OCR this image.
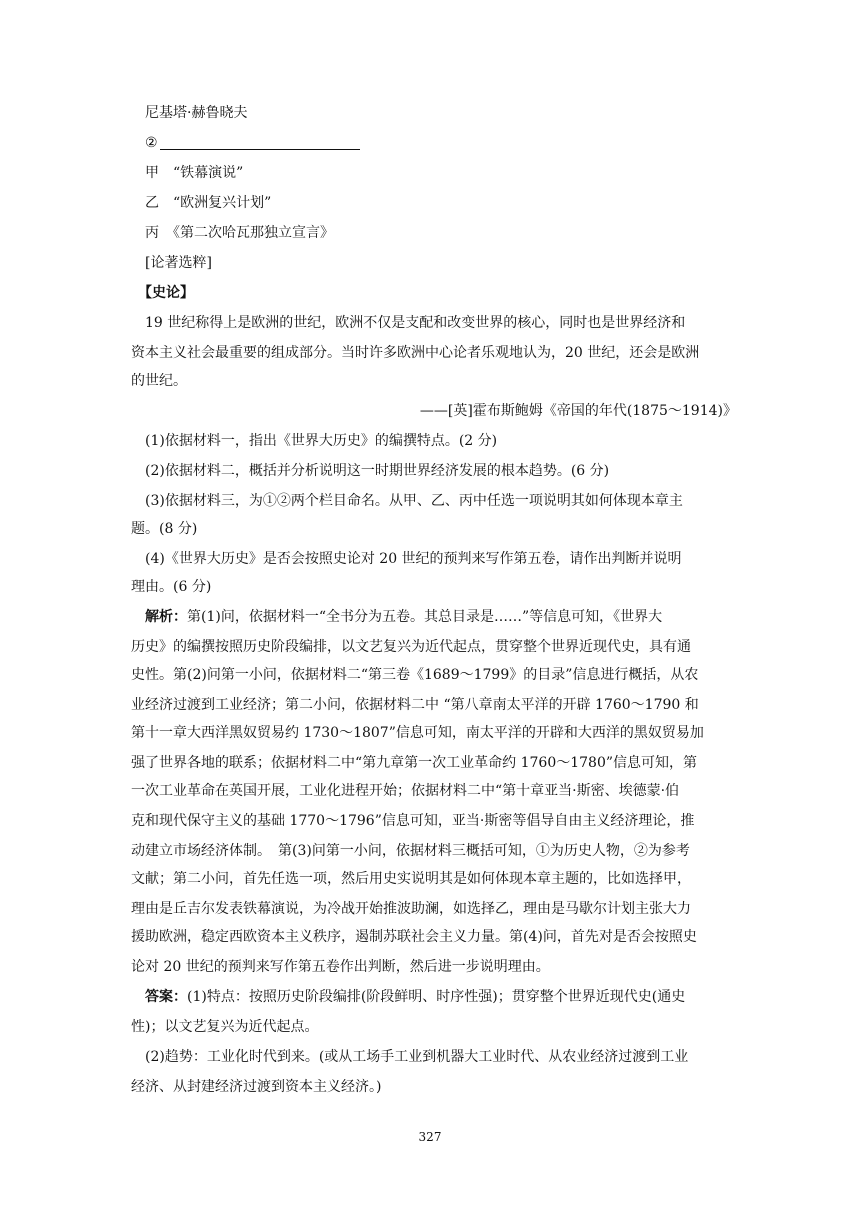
尼基塔·赫鲁晓夫
②
甲　“铁幕演说”
乙　“欧洲复兴计划”
丙　《第二次哈瓦那独立宣言》
[论著选粹]
【史论】
19 世纪称得上是欧洲的世纪，欧洲不仅是支配和改变世界的核心，同时也是世界经济和
资本主义社会最重要的组成部分。当时许多欧洲中心论者乐观地认为，20 世纪，还会是欧洲
的世纪。
——[英]霍布斯鲍姆《帝国的年代(1875～1914)》
(1)依据材料一，指出《世界大历史》的编撰特点。(2 分)
(2)依据材料二，概括并分析说明这一时期世界经济发展的根本趋势。(6 分)
(3)依据材料三，为①②两个栏目命名。从甲、乙、丙中任选一项说明其如何体现本章主
题。(8 分)
(4)《世界大历史》是否会按照史论对 20 世纪的预判来写作第五卷，请作出判断并说明
理由。(6 分)
解析：第(1)问，依据材料一“全书分为五卷。其总目录是……”等信息可知，《世界大
历史》的编撰按照历史阶段编排，以文艺复兴为近代起点，贯穿整个世界近现代史，具有通
史性。第(2)问第一小问，依据材料二“第三卷《1689～1799》的目录”信息进行概括，从农
业经济过渡到工业经济；第二小问，依据材料二中 “第八章南太平洋的开辟 1760～1790 和
第十一章大西洋黑奴贸易约 1730～1807”信息可知，南太平洋的开辟和大西洋的黑奴贸易加
强了世界各地的联系；依据材料二中“第九章第一次工业革命约 1760～1780”信息可知，第
一次工业革命在英国开展，工业化进程开始；依据材料二中“第十章亚当·斯密、埃德蒙·伯
克和现代保守主义的基础 1770～1796”信息可知，亚当·斯密等倡导自由主义经济理论，推
动建立市场经济体制。　第(3)问第一小问，依据材料三概括可知，①为历史人物，②为参考
文献；第二小问，首先任选一项，然后用史实说明其是如何体现本章主题的，比如选择甲，
理由是丘吉尔发表铁幕演说，为冷战开始推波助澜，如选择乙，理由是马歇尔计划主张大力
援助欧洲，稳定西欧资本主义秩序，遏制苏联社会主义力量。第(4)问，首先对是否会按照史
论对 20 世纪的预判来写作第五卷作出判断，然后进一步说明理由。
答案：(1)特点：按照历史阶段编排(阶段鲜明、时序性强)；贯穿整个世界近现代史(通史
性)；以文艺复兴为近代起点。
(2)趋势：工业化时代到来。(或从工场手工业到机器大工业时代、从农业经济过渡到工业
经济、从封建经济过渡到资本主义经济。)
327
